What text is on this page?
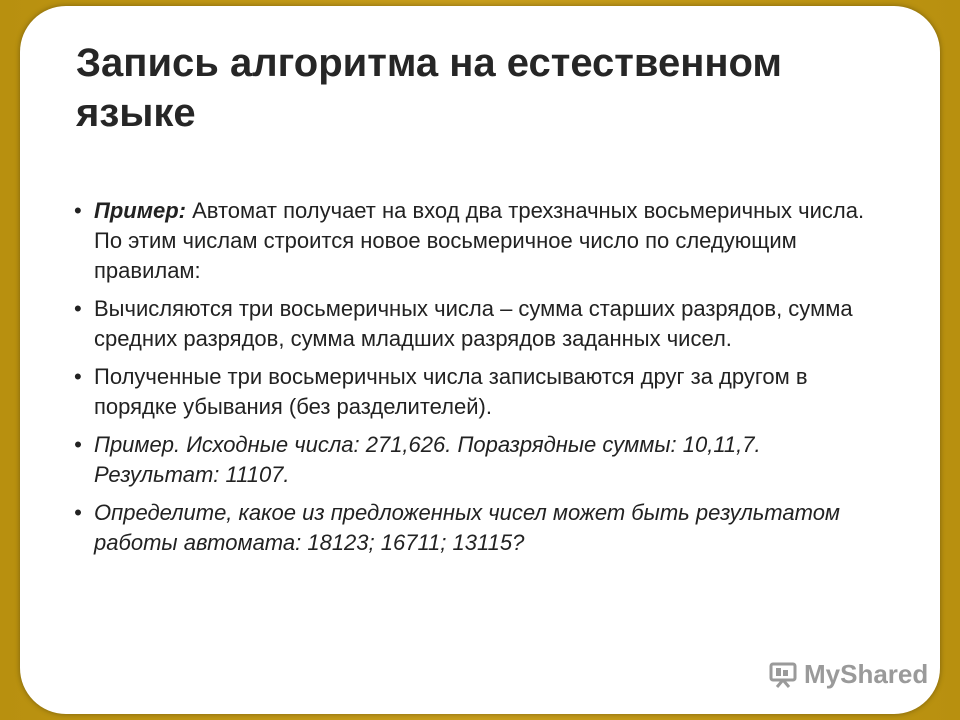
Запись алгоритма на естественном языке
• Пример: Автомат получает на вход два трехзначных восьмеричных числа. По этим числам строится новое восьмеричное число по следующим правилам:
• Вычисляются три восьмеричных числа – сумма старших разрядов, сумма средних разрядов, сумма младших разрядов заданных чисел.
• Полученные три восьмеричных числа записываются друг за другом в порядке убывания (без разделителей).
• Пример. Исходные числа: 271,626. Поразрядные суммы: 10,11,7. Результат: 11107.
• Определите, какое из предложенных чисел может быть результатом работы автомата: 18123; 16711; 13115?
MyShared
